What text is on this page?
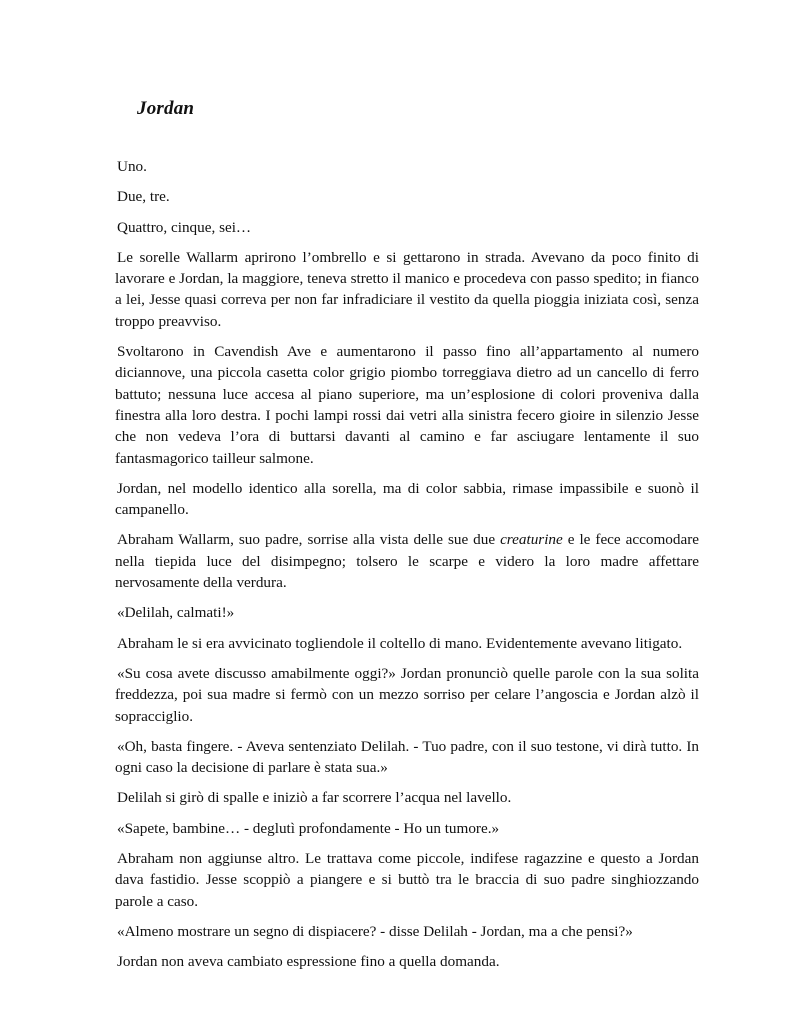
Jordan

Uno.

Due, tre.

Quattro, cinque, sei…

Le sorelle Wallarm aprirono l’ombrello e si gettarono in strada. Avevano da poco finito di lavorare e Jordan, la maggiore, teneva stretto il manico e procedeva con passo spedito; in fianco a lei, Jesse quasi correva per non far infradiciare il vestito da quella pioggia iniziata così, senza troppo preavviso.

Svoltarono in Cavendish Ave e aumentarono il passo fino all’appartamento al numero diciannove, una piccola casetta color grigio piombo torreggiava dietro ad un cancello di ferro battuto; nessuna luce accesa al piano superiore, ma un’esplosione di colori proveniva dalla finestra alla loro destra. I pochi lampi rossi dai vetri alla sinistra fecero gioire in silenzio Jesse che non vedeva l’ora di buttarsi davanti al camino e far asciugare lentamente il suo fantasmagorico tailleur salmone.

Jordan, nel modello identico alla sorella, ma di color sabbia, rimase impassibile e suonò il campanello.

Abraham Wallarm, suo padre, sorrise alla vista delle sue due creaturine e le fece accomodare nella tiepida luce del disimpegno; tolsero le scarpe e videro la loro madre affettare nervosamente della verdura.

«Delilah, calmati!»

Abraham le si era avvicinato togliendole il coltello di mano. Evidentemente avevano litigato.

«Su cosa avete discusso amabilmente oggi?» Jordan pronunciò quelle parole con la sua solita freddezza, poi sua madre si fermò con un mezzo sorriso per celare l’angoscia e Jordan alzò il sopracciglio.

«Oh, basta fingere. - Aveva sentenziato Delilah. - Tuo padre, con il suo testone, vi dirà tutto. In ogni caso la decisione di parlare è stata sua.»

Delilah si girò di spalle e iniziò a far scorrere l’acqua nel lavello.

«Sapete, bambine… - deglutì profondamente - Ho un tumore.»

Abraham non aggiunse altro. Le trattava come piccole, indifese ragazzine e questo a Jordan dava fastidio. Jesse scoppiò a piangere e si buttò tra le braccia di suo padre singhiozzando parole a caso.

«Almeno mostrare un segno di dispiacere? - disse Delilah - Jordan, ma a che pensi?»

Jordan non aveva cambiato espressione fino a quella domanda.
